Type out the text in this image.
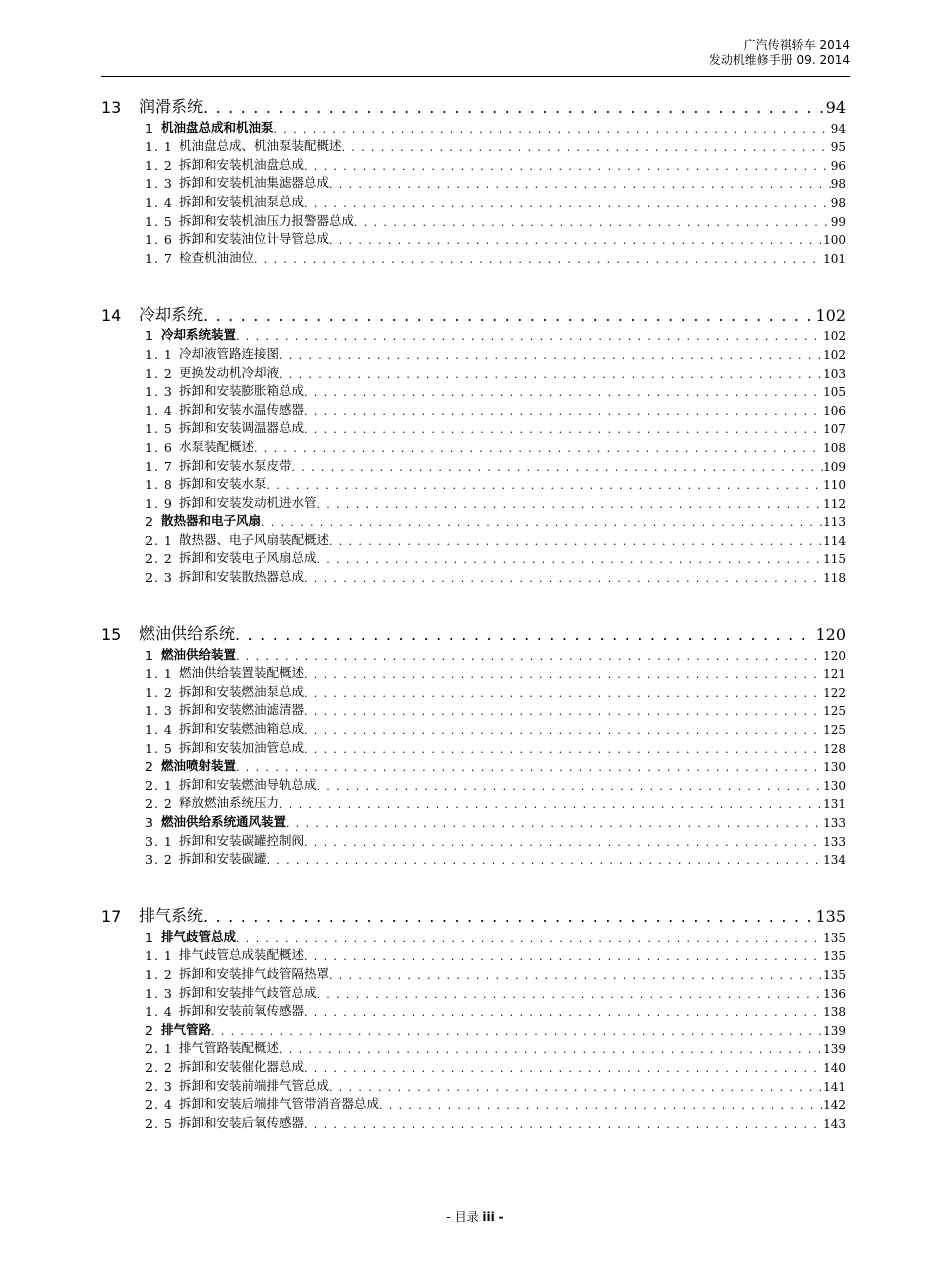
广汽传祺轿车 2014
发动机维修手册 09. 2014
13	润滑系统 . . .	94
1 机油盘总成和机油泵 . . .	94
1. 1 机油盘总成、机油泵装配概述 . . .	95
1. 2 拆卸和安装机油盘总成 . . .	96
1. 3 拆卸和安装机油集滤器总成 . . .	98
1. 4 拆卸和安装机油泵总成 . . .	98
1. 5 拆卸和安装机油压力报警器总成 . . .	99
1. 6 拆卸和安装油位计导管总成 . . .	100
1. 7 检查机油油位 . . .	101
14	冷却系统 . . .	102
1 冷却系统装置 . . .	102
1. 1 冷却液管路连接图 . . .	102
1. 2 更换发动机冷却液 . . .	103
1. 3 拆卸和安装膨胀箱总成 . . .	105
1. 4 拆卸和安装水温传感器 . . .	106
1. 5 拆卸和安装调温器总成 . . .	107
1. 6 水泵装配概述 . . .	108
1. 7 拆卸和安装水泵皮带 . . .	109
1. 8 拆卸和安装水泵 . . .	110
1. 9 拆卸和安装发动机进水管 . . .	112
2 散热器和电子风扇 . . .	113
2. 1 散热器、电子风扇装配概述 . . .	114
2. 2 拆卸和安装电子风扇总成 . . .	115
2. 3 拆卸和安装散热器总成 . . .	118
15	燃油供给系统 . . .	120
1 燃油供给装置 . . .	120
1. 1 燃油供给装置装配概述 . . .	121
1. 2 拆卸和安装燃油泵总成 . . .	122
1. 3 拆卸和安装燃油滤清器 . . .	125
1. 4 拆卸和安装燃油箱总成 . . .	125
1. 5 拆卸和安装加油管总成 . . .	128
2 燃油喷射装置 . . .	130
2. 1 拆卸和安装燃油导轨总成 . . .	130
2. 2 释放燃油系统压力 . . .	131
3 燃油供给系统通风装置 . . .	133
3. 1 拆卸和安装碳罐控制阀 . . .	133
3. 2 拆卸和安装碳罐 . . .	134
17	排气系统 . . .	135
1 排气歧管总成 . . .	135
1. 1 排气歧管总成装配概述 . . .	135
1. 2 拆卸和安装排气歧管隔热罩 . . .	135
1. 3 拆卸和安装排气歧管总成 . . .	136
1. 4 拆卸和安装前氧传感器 . . .	138
2 排气管路 . . .	139
2. 1 排气管路装配概述 . . .	139
2. 2 拆卸和安装催化器总成 . . .	140
2. 3 拆卸和安装前端排气管总成 . . .	141
2. 4 拆卸和安装后端排气管带消音器总成 . . .	142
2. 5 拆卸和安装后氧传感器 . . .	143
- 目录 iii -
